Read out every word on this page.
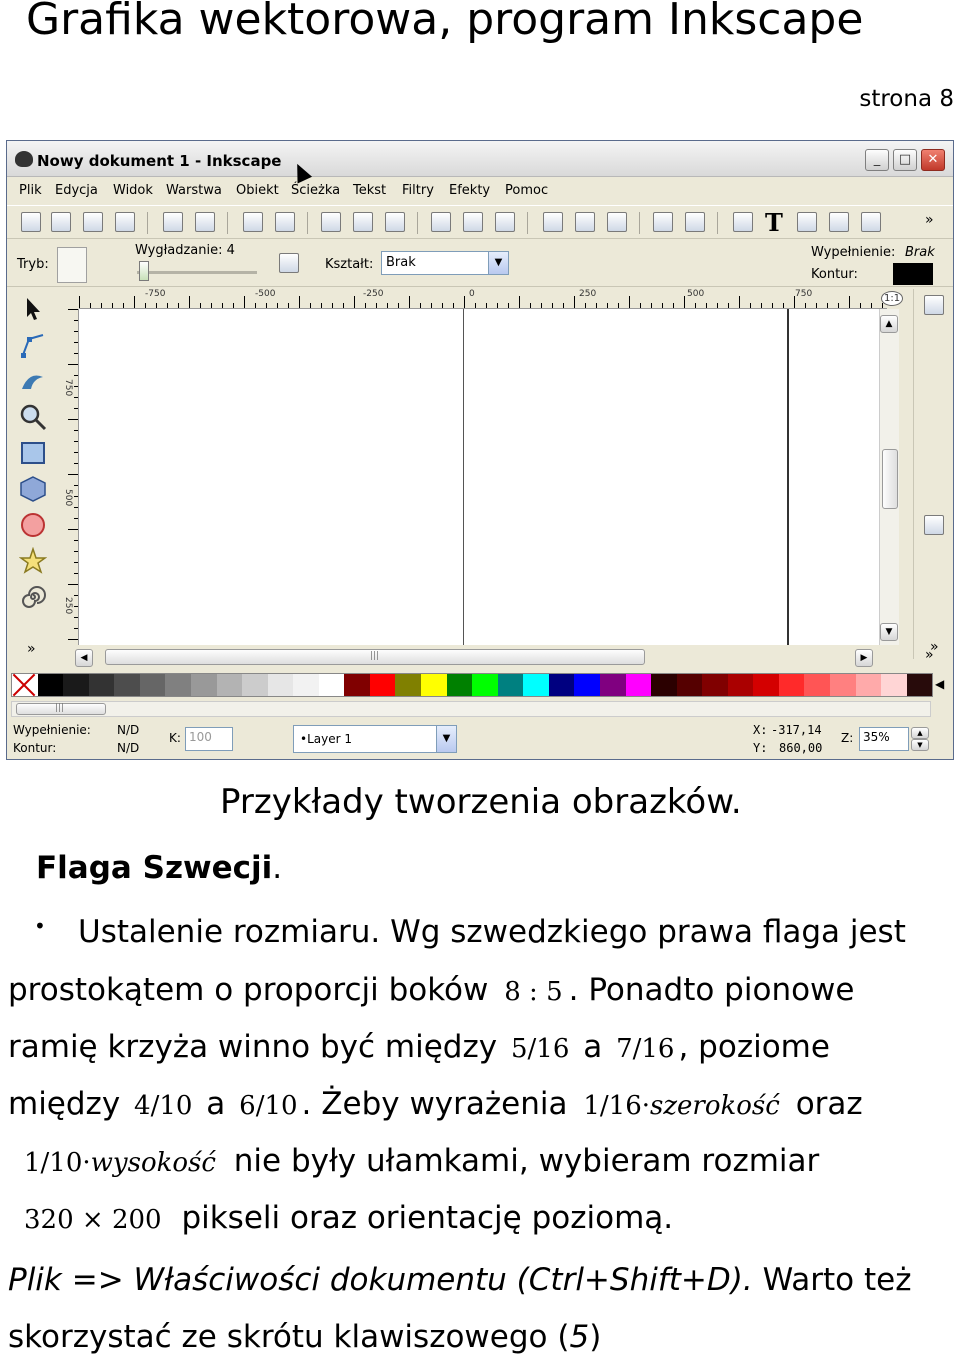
Grafika wektorowa, program Inkscape
strona 8
Nowy dokument 1 - Inkscape	_	□	✕
Plik Edycja Widok Warstwa Obiekt Ścieżka Tekst Filtry Efekty Pomoc
T	»
Tryb:
Wygładzanie: 4
Kształt: Brak	▼
Wypełnienie: Brak
Kontur:
»
-750	-500	-250	0	250	500	750	1:1
750
500
250
▲
▼
»
◀	|||	▶	»
◀
|||
Wypełnienie: N/D
Kontur:	N/D
K: 100	•Layer 1	▼
X: -317,14
Y: 860,00
Z: 35%	▲
▼
Przykłady tworzenia obrazków.
Flaga Szwecji.
• Ustalenie rozmiaru. Wg szwedzkiego prawa flaga jest
prostokątem o proporcji boków 8 : 5 . Ponadto pionowe
ramię krzyża winno być między 5/16 a 7/16 , poziome
między 4/10 a 6/10 . Żeby wyrażenia 1/16·szerokość oraz
1/10·wysokość nie były ułamkami, wybieram rozmiar
320 × 200 pikseli oraz orientację poziomą.
Plik => Właściwości dokumentu (Ctrl+Shift+D). Warto też
skorzystać ze skrótu klawiszowego (5)
